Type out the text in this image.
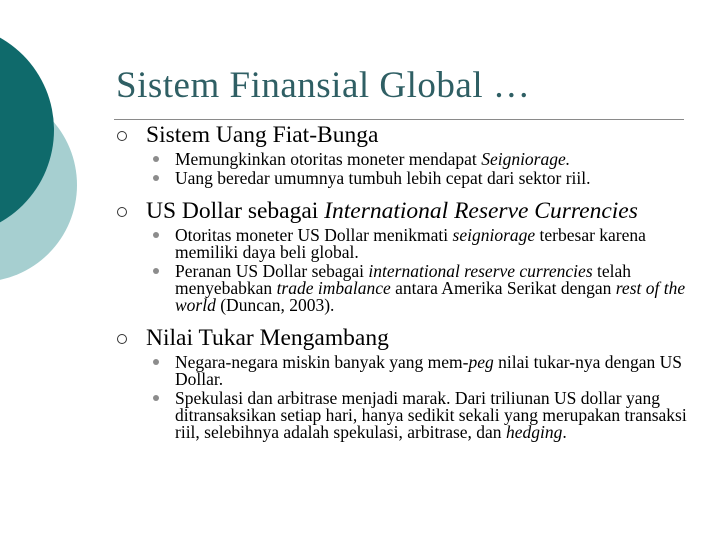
Sistem Finansial Global …
Sistem Uang Fiat-Bunga
Memungkinkan otoritas moneter mendapat Seigniorage.
Uang beredar umumnya tumbuh lebih cepat dari sektor riil.
US Dollar sebagai International Reserve Currencies
Otoritas moneter US Dollar menikmati seigniorage terbesar karena memiliki daya beli global.
Peranan US Dollar sebagai international reserve currencies telah menyebabkan trade imbalance antara Amerika Serikat dengan rest of the world (Duncan, 2003).
Nilai Tukar Mengambang
Negara-negara miskin banyak yang mem-peg nilai tukar-nya dengan US Dollar.
Spekulasi dan arbitrase menjadi marak. Dari triliunan US dollar yang ditransaksikan setiap hari, hanya sedikit sekali yang merupakan transaksi riil, selebihnya adalah spekulasi, arbitrase, dan hedging.
